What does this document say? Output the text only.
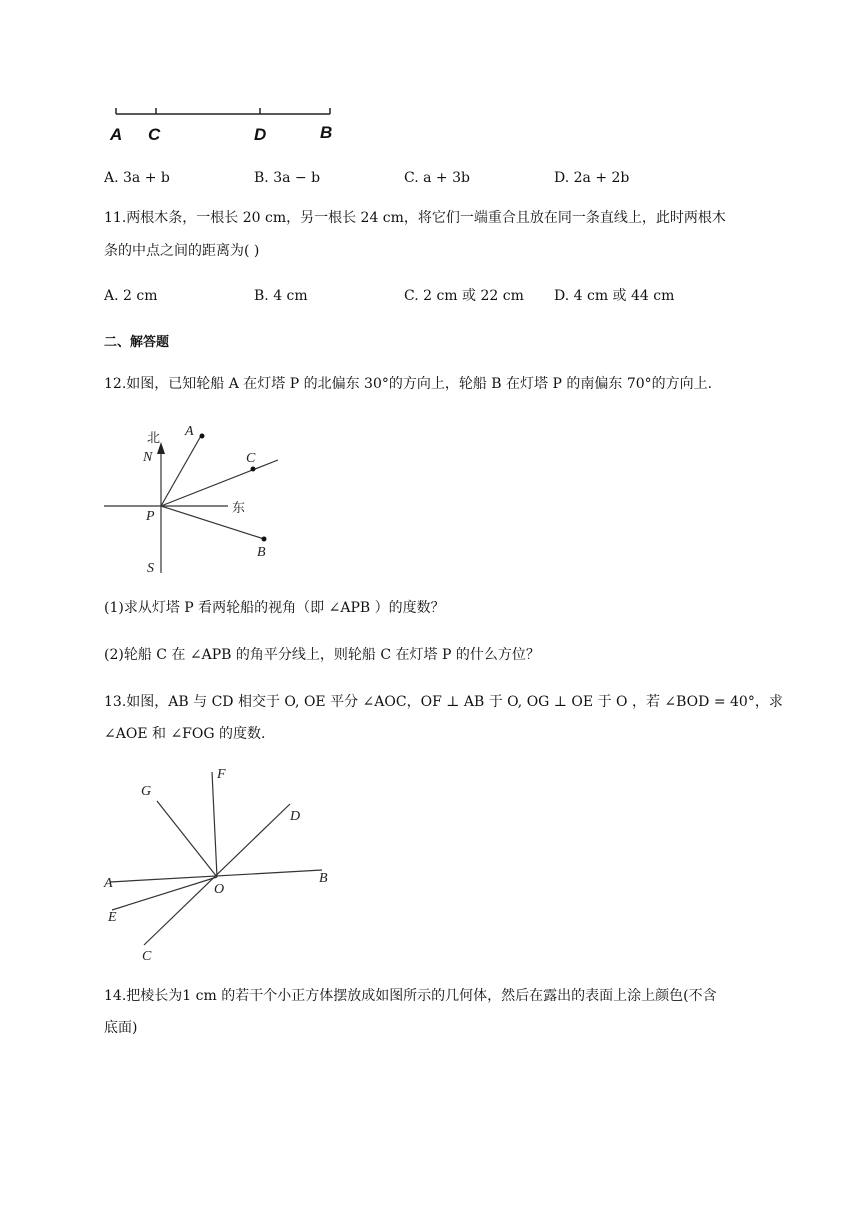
A C	D	B
A. 3a + b	B. 3a − b	C. a + 3b	D. 2a + 2b
11.两根木条，一根长 20 cm，另一根长 24 cm，将它们一端重合且放在同一条直线上，此时两根木
条的中点之间的距离为( )
A. 2 cm	B. 4 cm	C. 2 cm 或 22 cm D. 4 cm 或 44 cm
二、解答题
12.如图，已知轮船 A 在灯塔 P 的北偏东 30°的方向上，轮船 B 在灯塔 P 的南偏东 70°的方向上.
北
东
A
N	C
P
B
S
(1)求从灯塔 P 看两轮船的视角（即 ∠APB ）的度数？
(2)轮船 C 在 ∠APB 的角平分线上，则轮船 C 在灯塔 P 的什么方位？
13.如图，AB 与 CD 相交于 O, OE 平分 ∠AOC，OF ⊥ AB 于 O, OG ⊥ OE 于 O ，若 ∠BOD = 40°，求
∠AOE 和 ∠FOG 的度数.
F
G
D
A	O
B
E
C
14.把棱长为1 cm 的若干个小正方体摆放成如图所示的几何体，然后在露出的表面上涂上颜色(不含
底面)
